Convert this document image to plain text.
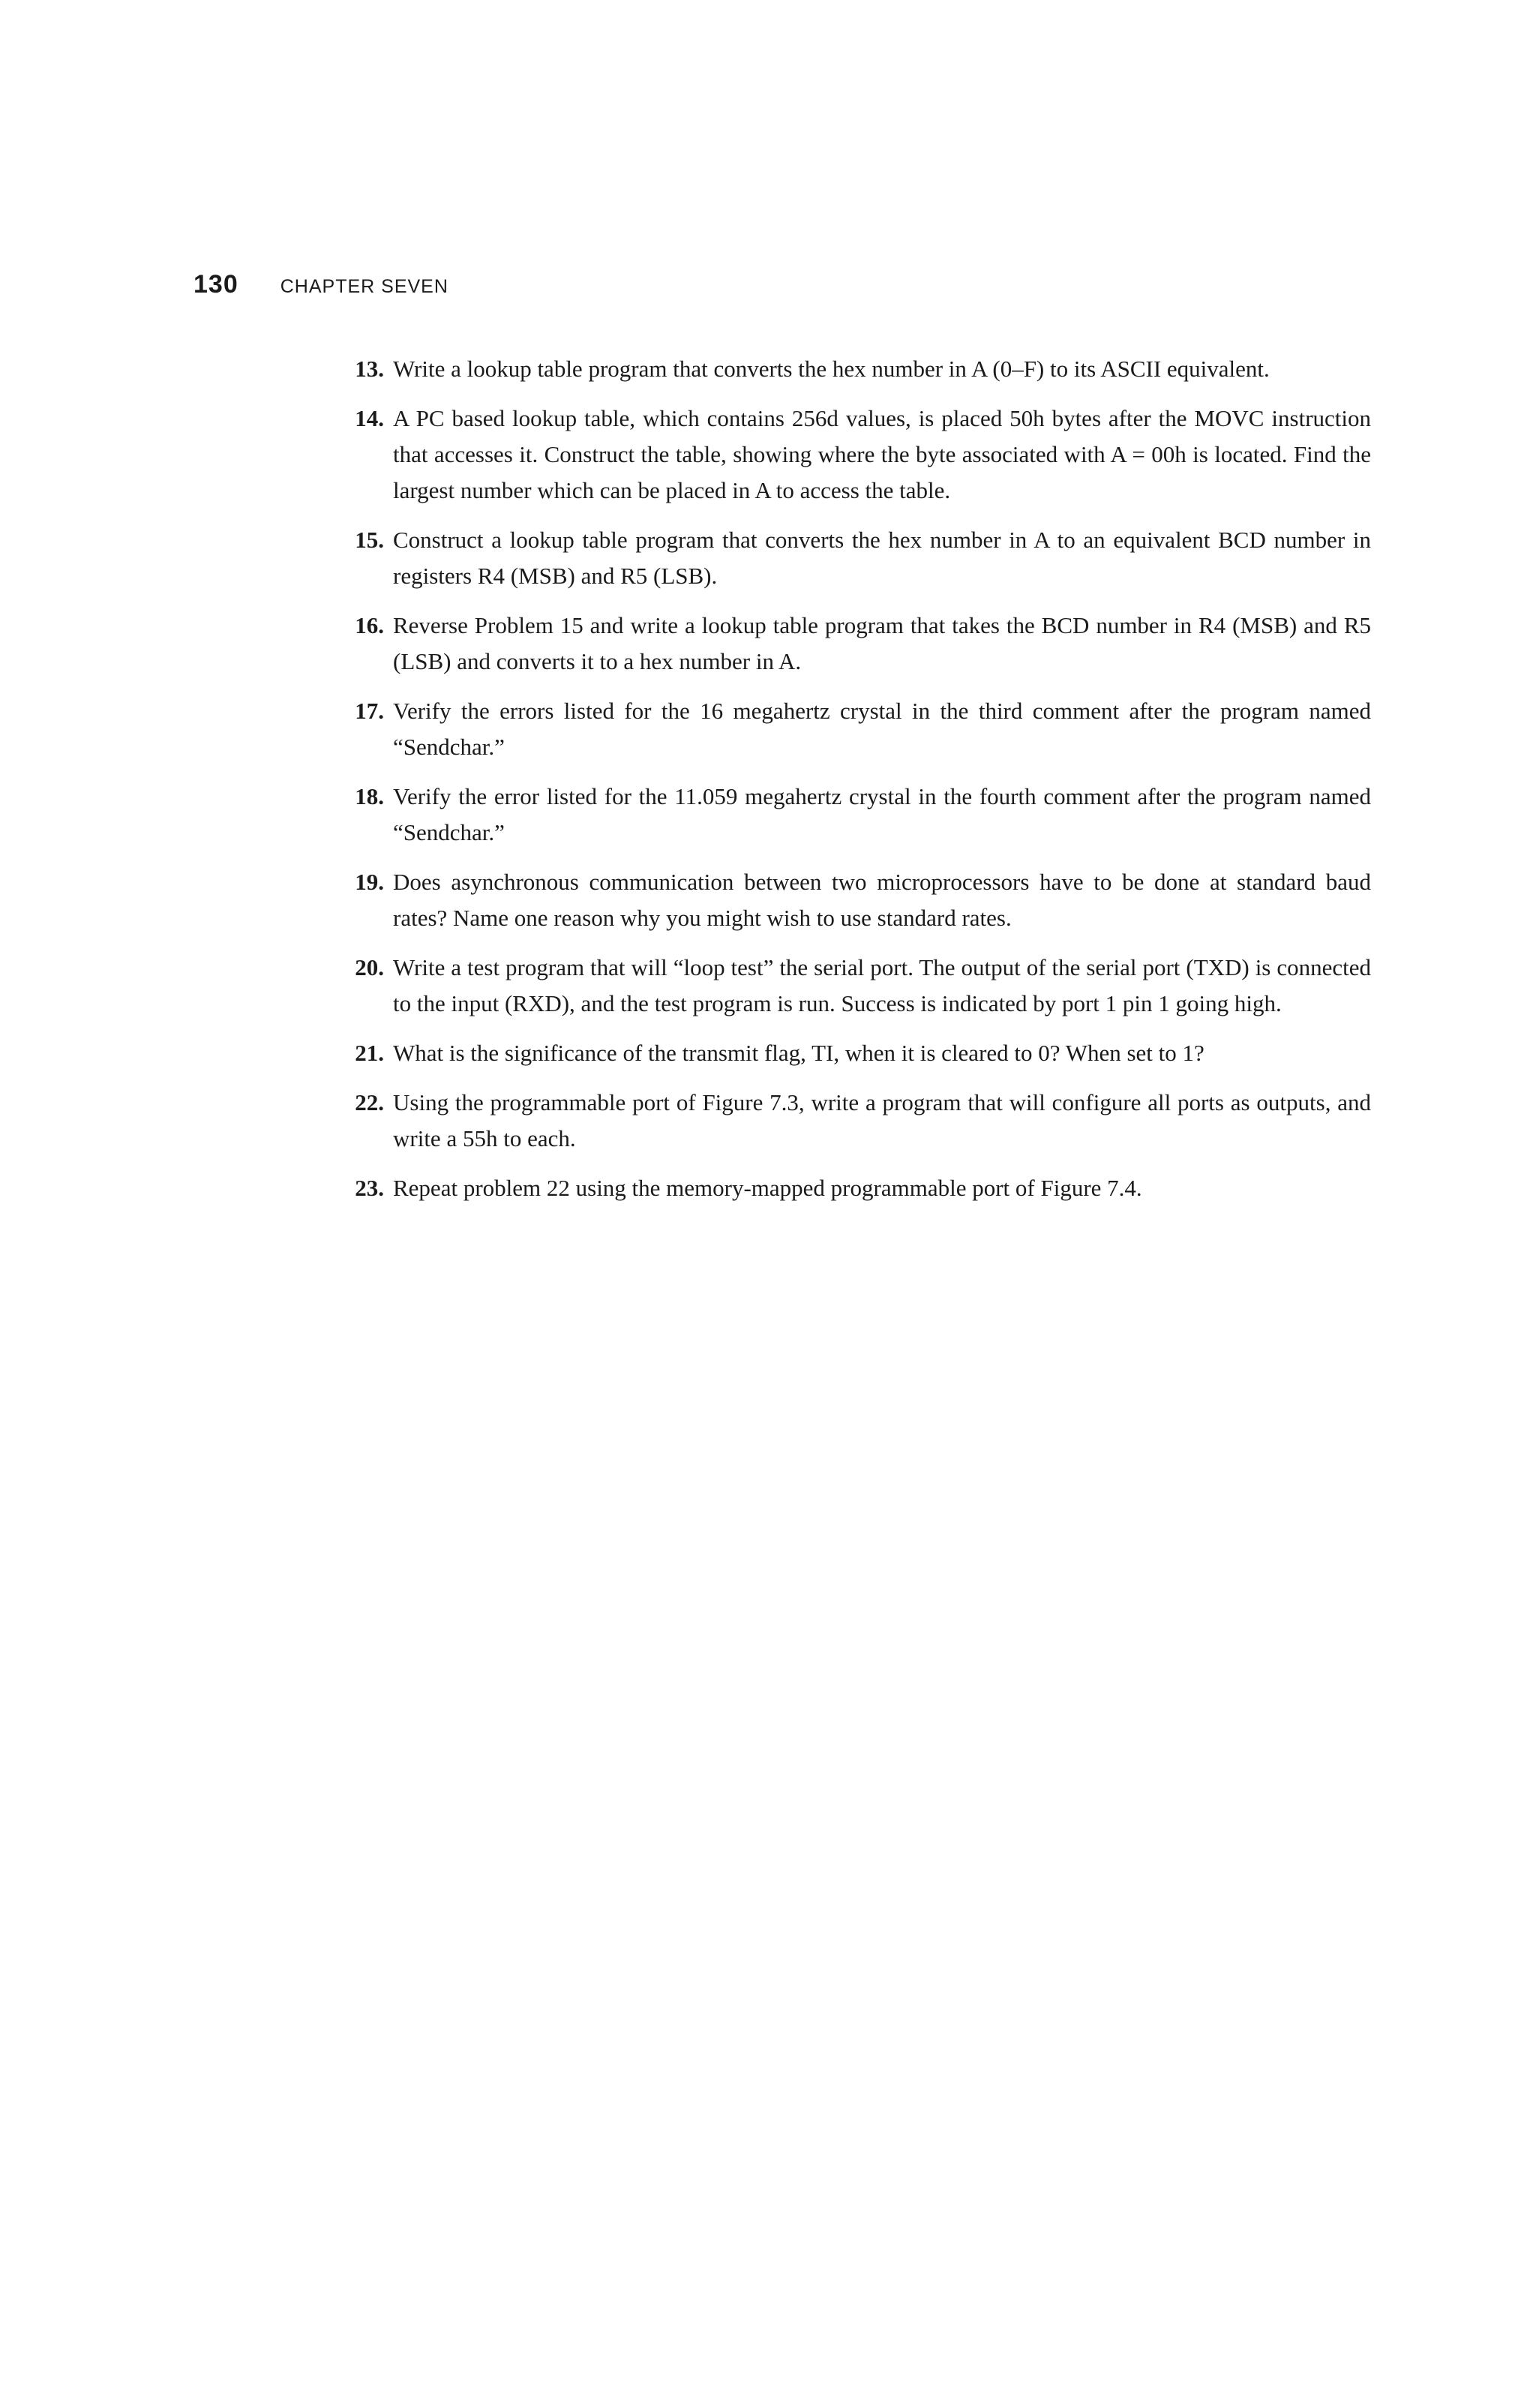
130 CHAPTER SEVEN
13. Write a lookup table program that converts the hex number in A (0–F) to its ASCII equivalent.
14. A PC based lookup table, which contains 256d values, is placed 50h bytes after the MOVC instruction that accesses it. Construct the table, showing where the byte associated with A = 00h is located. Find the largest number which can be placed in A to access the table.
15. Construct a lookup table program that converts the hex number in A to an equivalent BCD number in registers R4 (MSB) and R5 (LSB).
16. Reverse Problem 15 and write a lookup table program that takes the BCD number in R4 (MSB) and R5 (LSB) and converts it to a hex number in A.
17. Verify the errors listed for the 16 megahertz crystal in the third comment after the program named “Sendchar.”
18. Verify the error listed for the 11.059 megahertz crystal in the fourth comment after the program named “Sendchar.”
19. Does asynchronous communication between two microprocessors have to be done at standard baud rates? Name one reason why you might wish to use standard rates.
20. Write a test program that will “loop test” the serial port. The output of the serial port (TXD) is connected to the input (RXD), and the test program is run. Success is indicated by port 1 pin 1 going high.
21. What is the significance of the transmit flag, TI, when it is cleared to 0? When set to 1?
22. Using the programmable port of Figure 7.3, write a program that will configure all ports as outputs, and write a 55h to each.
23. Repeat problem 22 using the memory-mapped programmable port of Figure 7.4.
